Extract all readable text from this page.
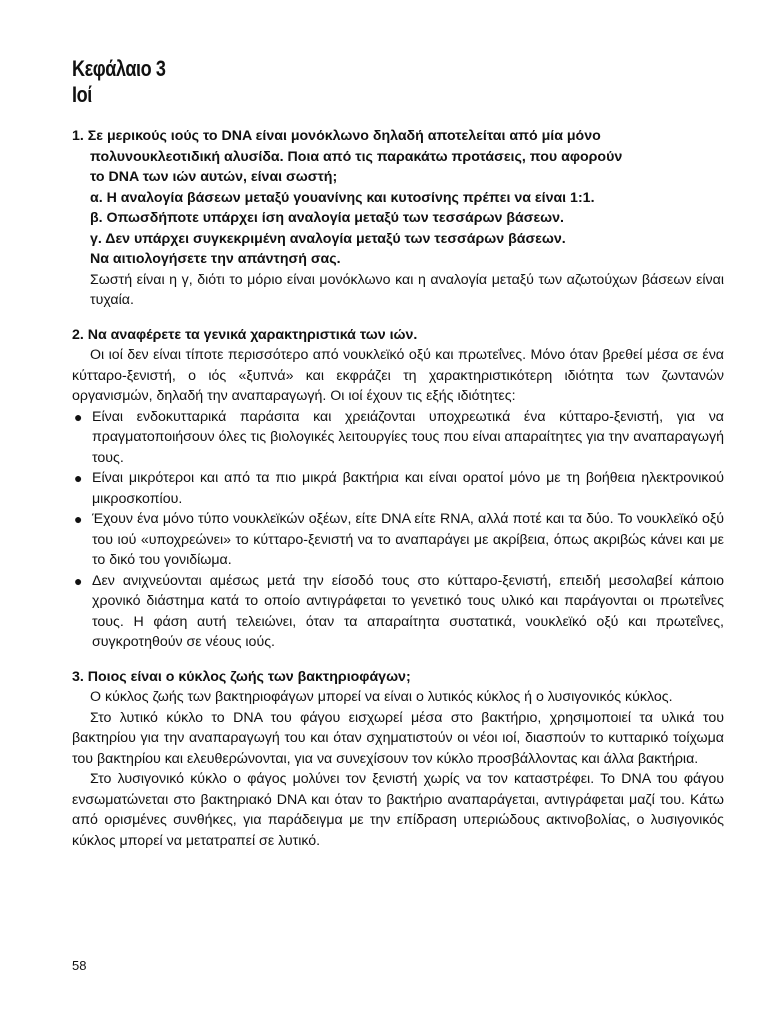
Κεφάλαιο 3
Ιοί
1. Σε μερικούς ιούς το DNA είναι μονόκλωνο δηλαδή αποτελείται από μία μόνο
πολυνουκλεοτιδική αλυσίδα. Ποια από τις παρακάτω προτάσεις, που αφορούν
το DNA των ιών αυτών, είναι σωστή;
α. Η αναλογία βάσεων μεταξύ γουανίνης και κυτοσίνης πρέπει να είναι 1:1.
β. Οπωσδήποτε υπάρχει ίση αναλογία μεταξύ των τεσσάρων βάσεων.
γ. Δεν υπάρχει συγκεκριμένη αναλογία μεταξύ των τεσσάρων βάσεων.
Να αιτιολογήσετε την απάντησή σας.

Σωστή είναι η γ, διότι το μόριο είναι μονόκλωνο και η αναλογία μεταξύ των αζωτούχων βάσεων είναι τυχαία.

2. Να αναφέρετε τα γενικά χαρακτηριστικά των ιών.

Οι ιοί δεν είναι τίποτε περισσότερο από νουκλεϊκό οξύ και πρωτεΐνες. Μόνο όταν βρεθεί μέσα σε ένα κύτταρο-ξενιστή, ο ιός «ξυπνά» και εκφράζει τη χαρακτηριστικότερη ιδιότητα των ζωντανών οργανισμών, δηλαδή την αναπαραγωγή. Οι ιοί έχουν τις εξής ιδιότητες:

● Είναι ενδοκυτταρικά παράσιτα και χρειάζονται υποχρεωτικά ένα κύτταρο-ξενιστή, για να πραγματοποιήσουν όλες τις βιολογικές λειτουργίες τους που είναι απαραίτητες για την αναπαραγωγή τους.
● Είναι μικρότεροι και από τα πιο μικρά βακτήρια και είναι ορατοί μόνο με τη βοήθεια ηλεκτρονικού μικροσκοπίου.
● Έχουν ένα μόνο τύπο νουκλεϊκών οξέων, είτε DNA είτε RNA, αλλά ποτέ και τα δύο. Το νουκλεϊκό οξύ του ιού «υποχρεώνει» το κύτταρο-ξενιστή να το αναπαράγει με ακρίβεια, όπως ακριβώς κάνει και με το δικό του γονιδίωμα.
● Δεν ανιχνεύονται αμέσως μετά την είσοδό τους στο κύτταρο-ξενιστή, επειδή μεσολαβεί κάποιο χρονικό διάστημα κατά το οποίο αντιγράφεται το γενετικό τους υλικό και παράγονται οι πρωτεΐνες τους. Η φάση αυτή τελειώνει, όταν τα απαραίτητα συστατικά, νουκλεϊκό οξύ και πρωτεΐνες, συγκροτηθούν σε νέους ιούς.
3. Ποιος είναι ο κύκλος ζωής των βακτηριοφάγων;

Ο κύκλος ζωής των βακτηριοφάγων μπορεί να είναι ο λυτικός κύκλος ή ο λυσιγονικός κύκλος.

Στο λυτικό κύκλο το DNA του φάγου εισχωρεί μέσα στο βακτήριο, χρησιμοποιεί τα υλικά του βακτηρίου για την αναπαραγωγή του και όταν σχηματιστούν οι νέοι ιοί, διασπούν το κυτταρικό τοίχωμα του βακτηρίου και ελευθερώνονται, για να συνεχίσουν τον κύκλο προσβάλλοντας και άλλα βακτήρια.

Στο λυσιγονικό κύκλο ο φάγος μολύνει τον ξενιστή χωρίς να τον καταστρέφει. Το DNA του φάγου ενσωματώνεται στο βακτηριακό DNA και όταν το βακτήριο αναπαράγεται, αντιγράφεται μαζί του. Κάτω από ορισμένες συνθήκες, για παράδειγμα με την επίδραση υπεριώδους ακτινοβολίας, ο λυσιγονικός κύκλος μπορεί να μετατραπεί σε λυτικό.

58
